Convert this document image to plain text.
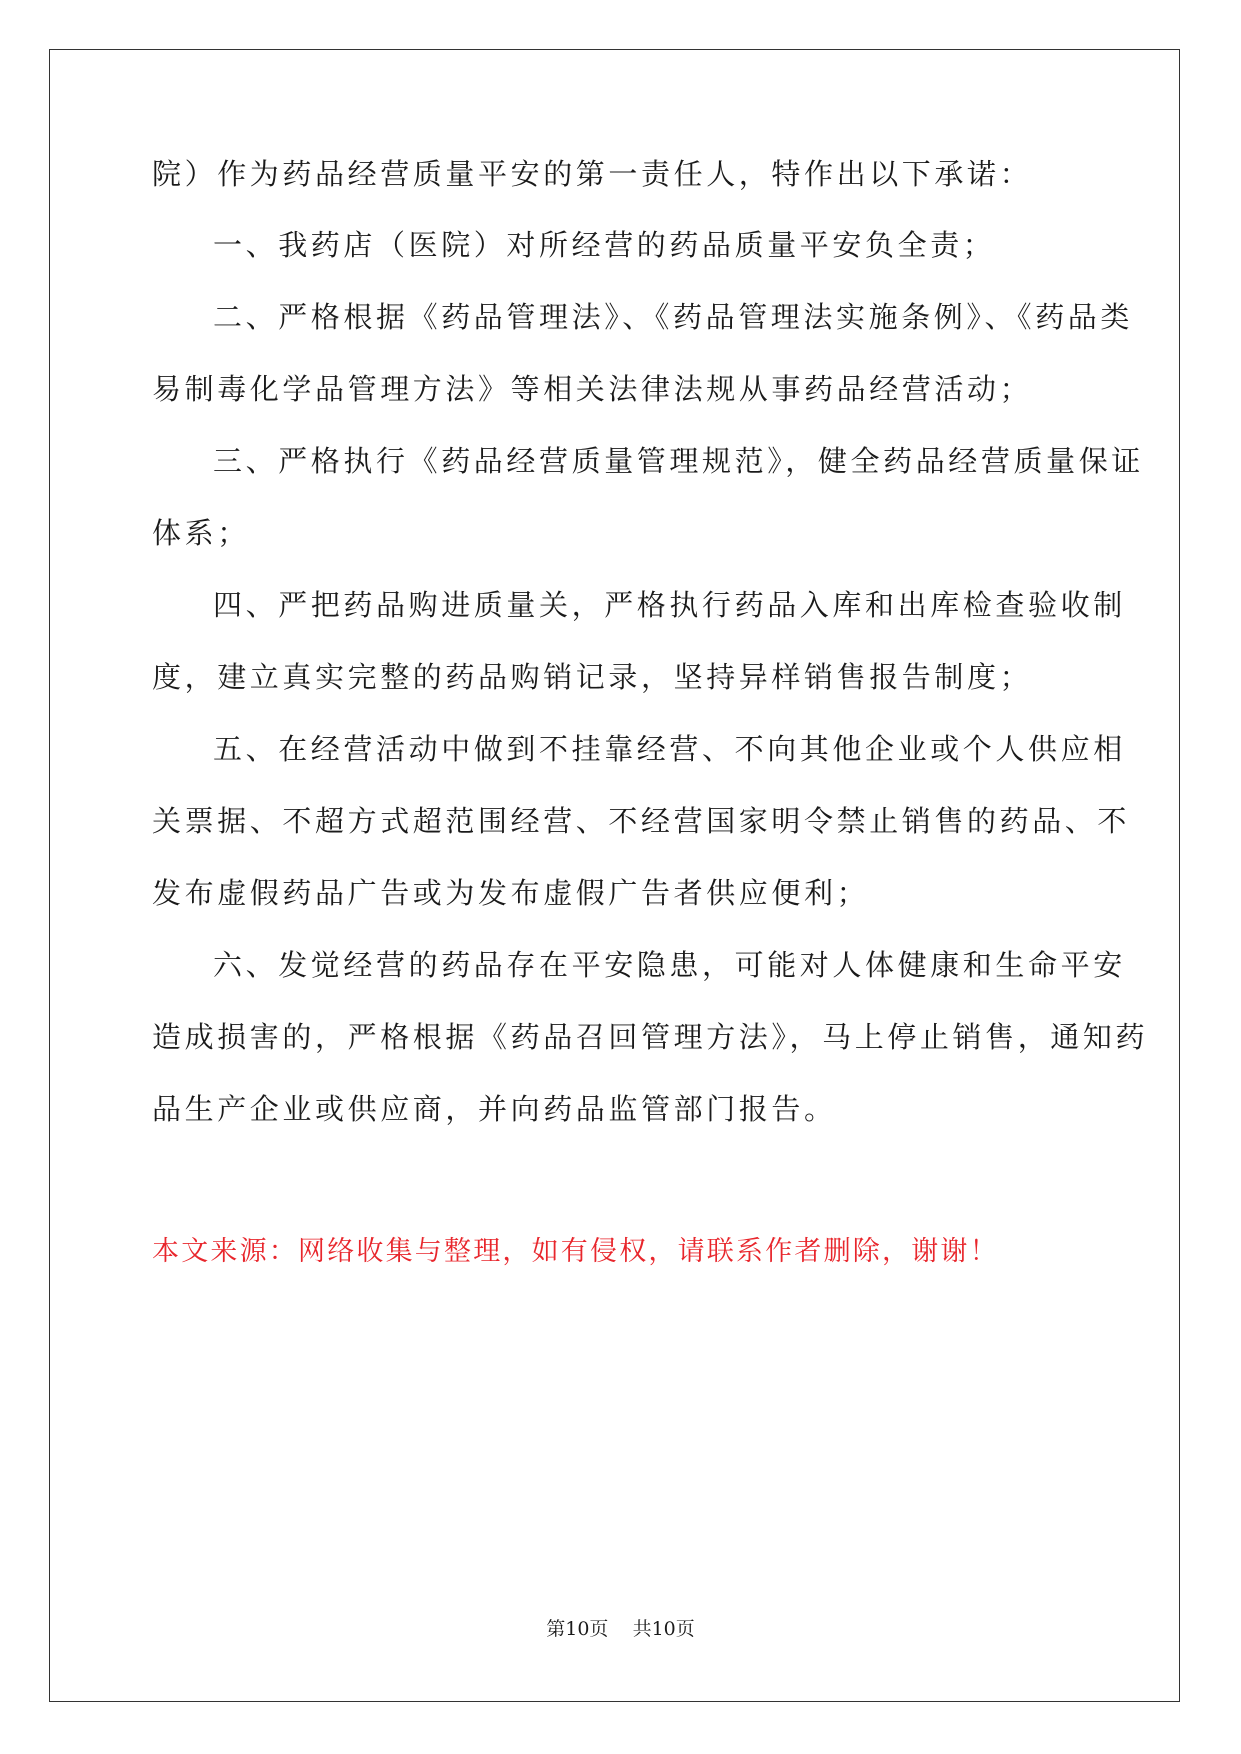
院）作为药品经营质量平安的第一责任人，特作出以下承诺：
一、我药店（医院）对所经营的药品质量平安负全责；
二、严格根据《药品管理法》、《药品管理法实施条例》、《药品类
易制毒化学品管理方法》等相关法律法规从事药品经营活动；
三、严格执行《药品经营质量管理规范》，健全药品经营质量保证
体系；
四、严把药品购进质量关，严格执行药品入库和出库检查验收制
度，建立真实完整的药品购销记录，坚持异样销售报告制度；
五、在经营活动中做到不挂靠经营、不向其他企业或个人供应相
关票据、不超方式超范围经营、不经营国家明令禁止销售的药品、不
发布虚假药品广告或为发布虚假广告者供应便利；
六、发觉经营的药品存在平安隐患，可能对人体健康和生命平安
造成损害的，严格根据《药品召回管理方法》，马上停止销售，通知药
品生产企业或供应商，并向药品监管部门报告。
本文来源：网络收集与整理，如有侵权，请联系作者删除，谢谢！
第10页    共10页
